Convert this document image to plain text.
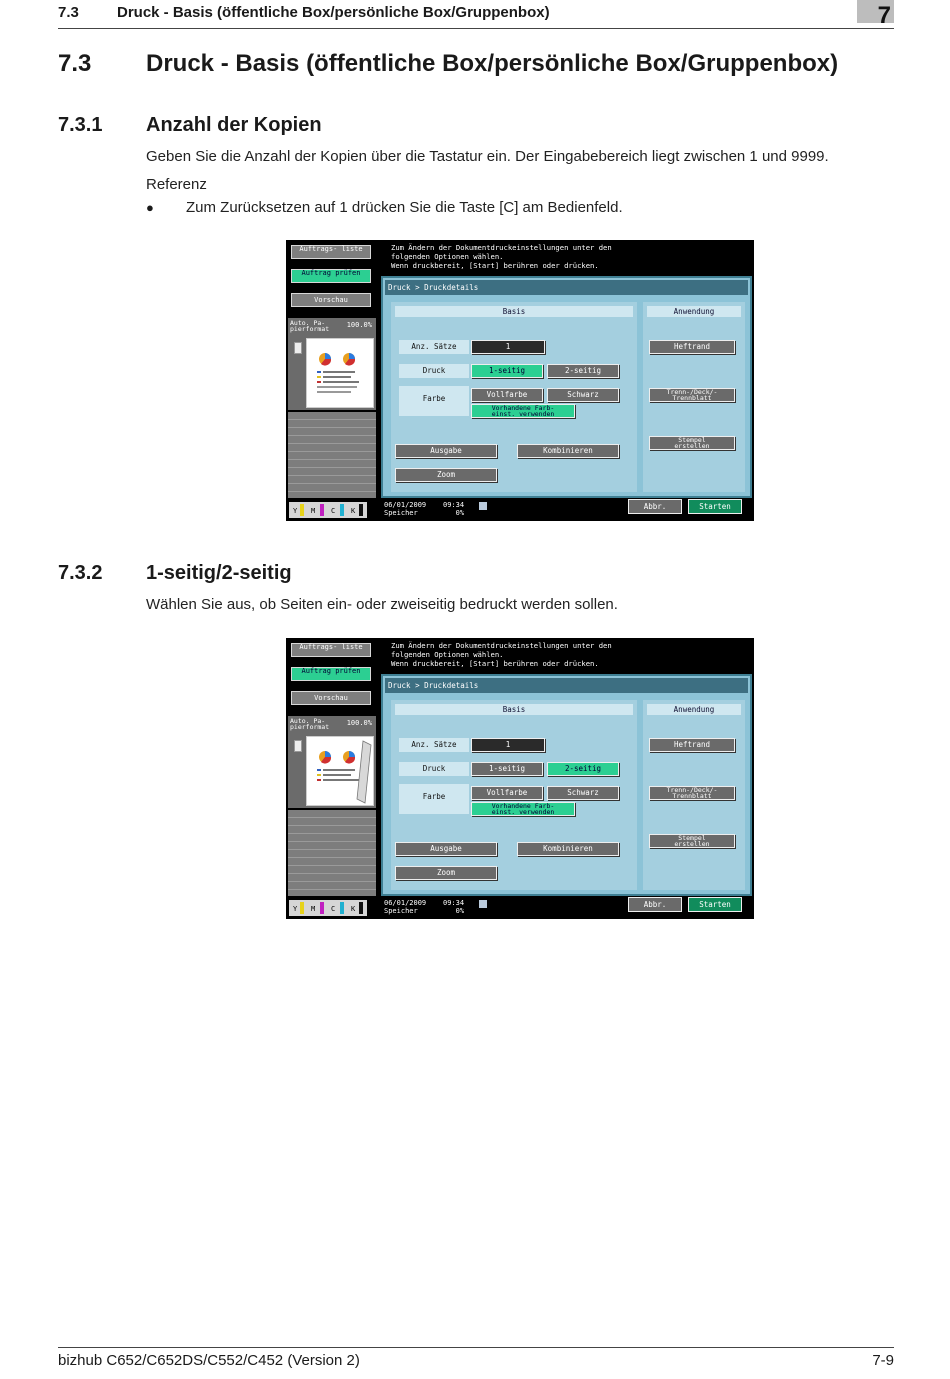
7.3	Druck - Basis (öffentliche Box/persönliche Box/Gruppenbox)	7
7.3 Druck - Basis (öffentliche Box/persönliche Box/Gruppenbox)
7.3.1 Anzahl der Kopien
Geben Sie die Anzahl der Kopien über die Tastatur ein. Der Eingabebereich liegt zwischen 1 und 9999.
Referenz
● Zum Zurücksetzen auf 1 drücken Sie die Taste [C] am Bedienfeld.
Auftrags- liste
Auftrag prüfen
Vorschau
Auto. Pa-
pierformat	100.0%
Y M C K
Zum Ändern der Dokumentdruckeinstellungen unter den
folgenden Optionen wählen.
Wenn druckbereit, [Start] berühren oder drücken.
Druck > Druckdetails
Basis
Anz. Sätze	1
Druck	1-seitig	2-seitig
Farbe	Vollfarbe	Schwarz
Vorhandene Farb-
einst. verwenden
Ausgabe	Kombinieren
Zoom
Anwendung
Heftrand
Trenn-/Deck/-
Trennblatt
Stempel
erstellen
06/01/2009    09:34
Speicher         0%
Abbr.	Starten
7.3.2 1-seitig/2-seitig
Wählen Sie aus, ob Seiten ein- oder zweiseitig bedruckt werden sollen.
Auftrags- liste
Auftrag prüfen
Vorschau
Auto. Pa-
pierformat	100.0%
Y M C K
Zum Ändern der Dokumentdruckeinstellungen unter den
folgenden Optionen wählen.
Wenn druckbereit, [Start] berühren oder drücken.
Druck > Druckdetails
Basis
Anz. Sätze	1
Druck	1-seitig	2-seitig
Farbe	Vollfarbe	Schwarz
Vorhandene Farb-
einst. verwenden
Ausgabe	Kombinieren
Zoom
Anwendung
Heftrand
Trenn-/Deck/-
Trennblatt
Stempel
erstellen
06/01/2009    09:34
Speicher         0%
Abbr.	Starten
bizhub C652/C652DS/C552/C452 (Version 2)	7-9
